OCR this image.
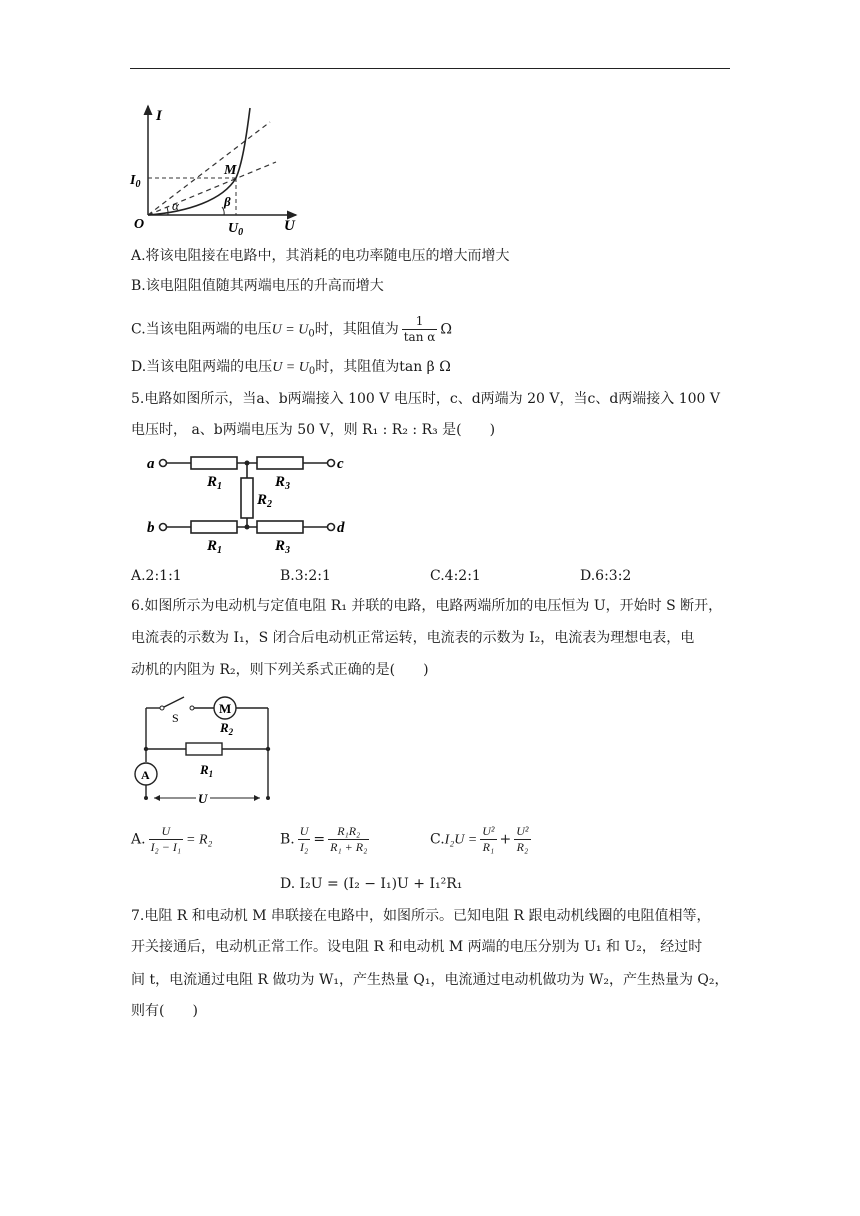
I
U
O
M
$I_0$
$U_0$
α	β
A.将该电阻接在电路中，其消耗的电功率随电压的增大而增大
B.该电阻阻值随其两端电压的升高而增大
C.当该电阻两端的电压$U = U_0$时，其阻值为 $\frac{1}{\text{tan α}}$ Ω
D.当该电阻两端的电压$U = U_0$时，其阻值为tan β Ω
5.电路如图所示，当a、b两端接入 100 V 电压时，c、d两端为 20 V，当c、d两端接入 100 V
电压时， a、b两端电压为 50 V，则 R₁ : R₂ : R₃ 是(　　)
a
b
c
d
$R_1$	$R_3$
$R_2$
$R_1$	$R_3$
A.2:1:1	B.3:2:1	C.4:2:1	D.6:3:2
6.如图所示为电动机与定值电阻 R₁ 并联的电路，电路两端所加的电压恒为 U，开始时 S 断开，
电流表的示数为 I₁，S 闭合后电动机正常运转，电流表的示数为 I₂，电流表为理想电表，电
动机的内阻为 R₂，则下列关系式正确的是(　　)
S
M
$R_2$
$R_1$
A
U
A. $\frac{U}{\text{I₂ − I₁}} = R_2$	B. $\frac{U}{\text{I₂}} = \frac{\text{R₁R₂}}{\text{R₁ + R₂}}$	$C.I_2U = \frac{\text{U²}}{\text{R₁}} + \frac{\text{U²}}{\text{R₂}}$
D. I₂U = (I₂ − I₁)U + I₁²R₁
7.电阻 R 和电动机 M 串联接在电路中，如图所示。已知电阻 R 跟电动机线圈的电阻值相等，
开关接通后，电动机正常工作。设电阻 R 和电动机 M 两端的电压分别为 U₁ 和 U₂， 经过时
间 t，电流通过电阻 R 做功为 W₁，产生热量 Q₁，电流通过电动机做功为 W₂，产生热量为 Q₂，
则有(　　)
